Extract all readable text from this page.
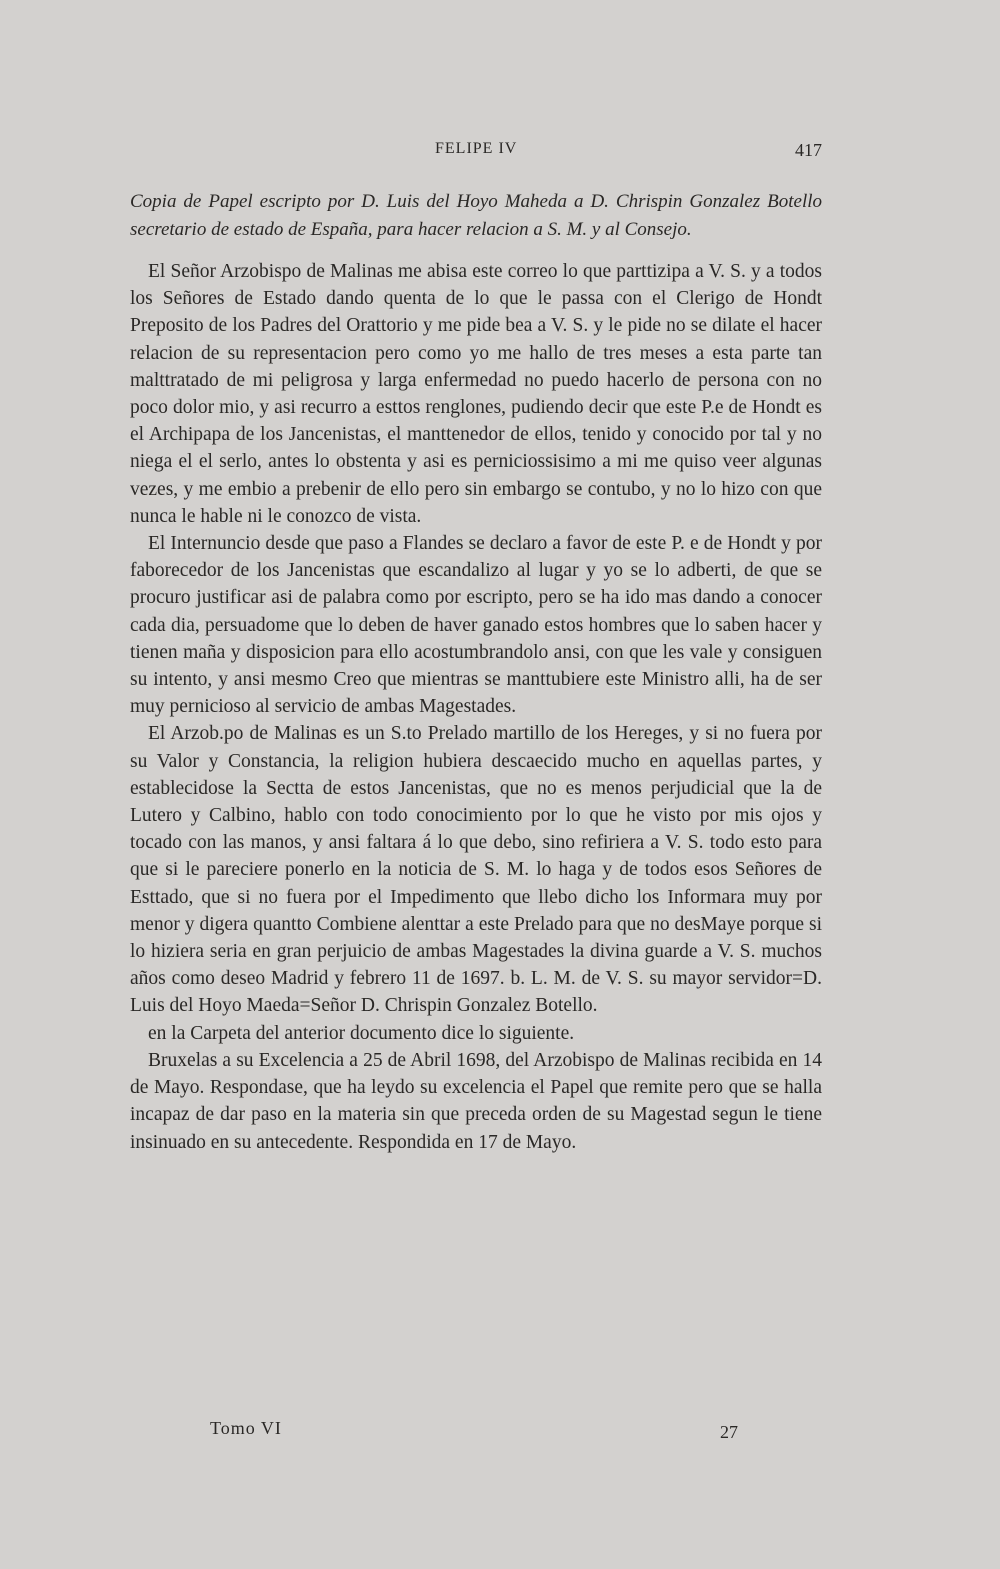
FELIPE IV	417

Copia de Papel escripto por D. Luis del Hoyo Maheda a D. Chrispin Gonzalez Botello secretario de estado de España, para hacer relacion a S. M. y al Consejo.

El Señor Arzobispo de Malinas me abisa este correo lo que parttizipa a V. S. y a todos los Señores de Estado dando quenta de lo que le passa con el Clerigo de Hondt Preposito de los Padres del Orattorio y me pide bea a V. S. y le pide no se dilate el hacer relacion de su representacion pero como yo me hallo de tres meses a esta parte tan malttratado de mi peligrosa y larga enfermedad no puedo hacerlo de persona con no poco dolor mio, y asi recurro a esttos renglones, pudiendo decir que este P.e de Hondt es el Archipapa de los Jancenistas, el manttenedor de ellos, tenido y conocido por tal y no niega el el serlo, antes lo obstenta y asi es perniciossisimo a mi me quiso veer algunas vezes, y me embio a prebenir de ello pero sin embargo se contubo, y no lo hizo con que nunca le hable ni le conozco de vista.

El Internuncio desde que paso a Flandes se declaro a favor de este P. e de Hondt y por faborecedor de los Jancenistas que escandalizo al lugar y yo se lo adberti, de que se procuro justificar asi de palabra como por escripto, pero se ha ido mas dando a conocer cada dia, persuadome que lo deben de haver ganado estos hombres que lo saben hacer y tienen maña y disposicion para ello acostumbrandolo ansi, con que les vale y consiguen su intento, y ansi mesmo Creo que mientras se manttubiere este Ministro alli, ha de ser muy pernicioso al servicio de ambas Magestades.

El Arzob.po de Malinas es un S.to Prelado martillo de los Hereges, y si no fuera por su Valor y Constancia, la religion hubiera descaecido mucho en aquellas partes, y establecidose la Sectta de estos Jancenistas, que no es menos perjudicial que la de Lutero y Calbino, hablo con todo conocimiento por lo que he visto por mis ojos y tocado con las manos, y ansi faltara á lo que debo, sino refiriera a V. S. todo esto para que si le pareciere ponerlo en la noticia de S. M. lo haga y de todos esos Señores de Esttado, que si no fuera por el Impedimento que llebo dicho los Informara muy por menor y digera quantto Combiene alenttar a este Prelado para que no desMaye porque si lo hiziera seria en gran perjuicio de ambas Magestades la divina guarde a V. S. muchos años como deseo Madrid y febrero 11 de 1697. b. L. M. de V. S. su mayor servidor=D. Luis del Hoyo Maeda=Señor D. Chrispin Gonzalez Botello.

en la Carpeta del anterior documento dice lo siguiente.

Bruxelas a su Excelencia a 25 de Abril 1698, del Arzobispo de Malinas recibida en 14 de Mayo. Respondase, que ha leydo su excelencia el Papel que remite pero que se halla incapaz de dar paso en la materia sin que preceda orden de su Magestad segun le tiene insinuado en su antecedente. Respondida en 17 de Mayo.

Tomo VI	27
